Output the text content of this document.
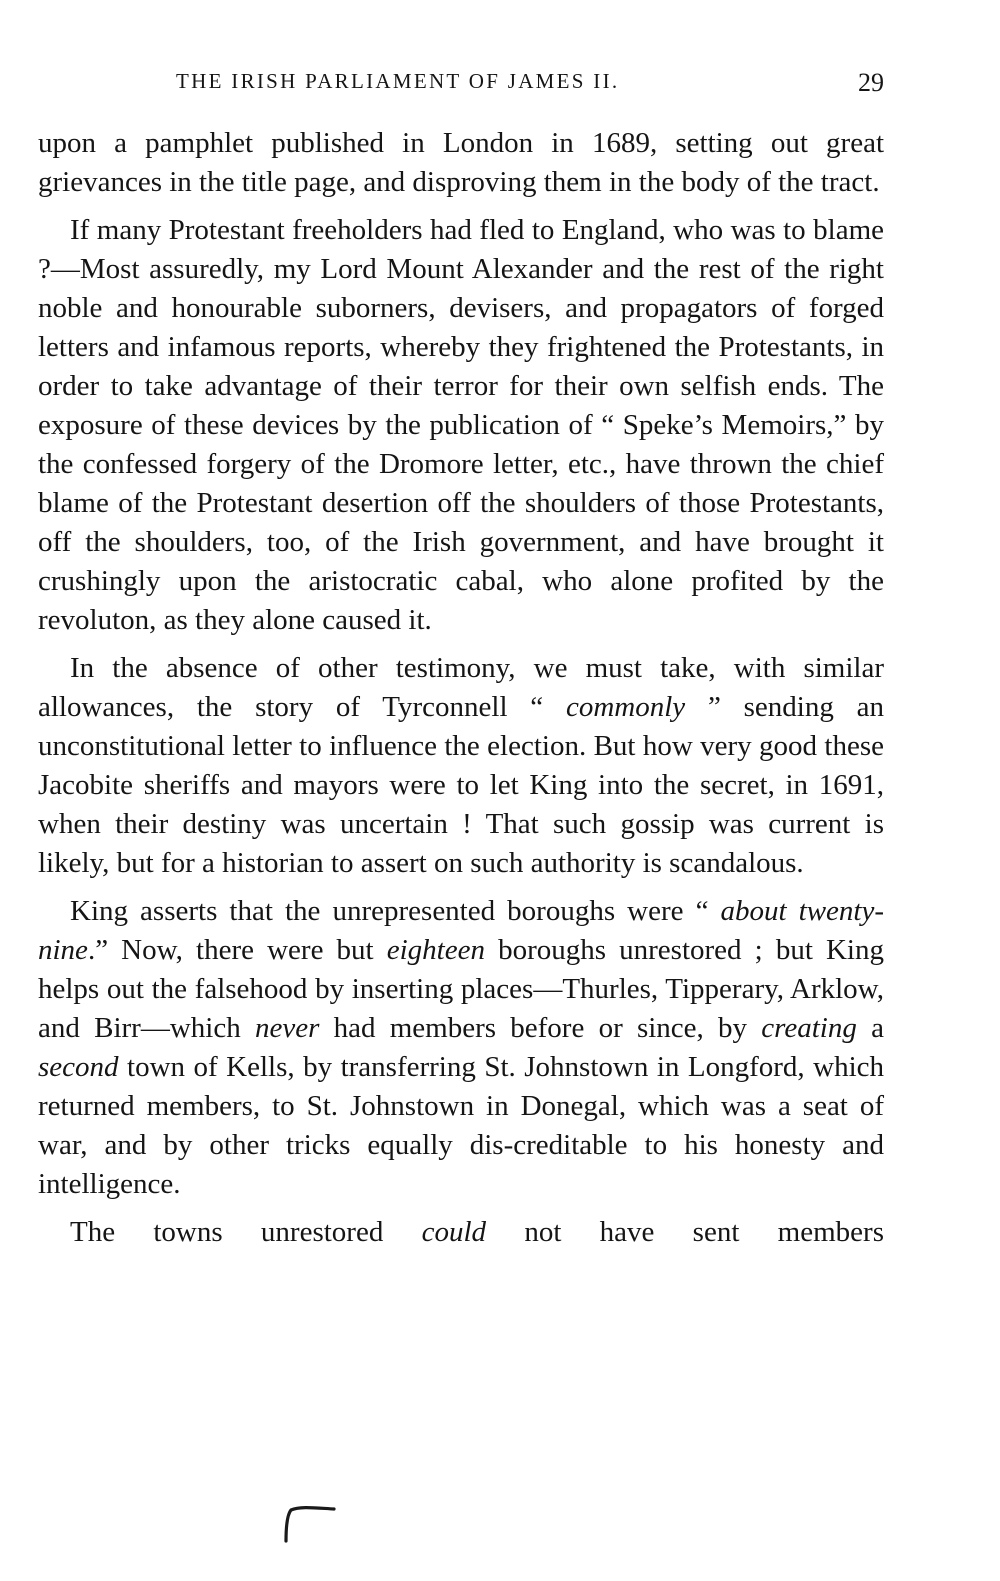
THE IRISH PARLIAMENT OF JAMES II.	29

upon a pamphlet published in London in 1689, setting out great grievances in the title page, and disproving them in the body of the tract.

If many Protestant freeholders had fled to England, who was to blame ?—Most assuredly, my Lord Mount Alexander and the rest of the right noble and honourable suborners, devisers, and propagators of forged letters and infamous reports, whereby they frightened the Protestants, in order to take advantage of their terror for their own selfish ends. The exposure of these devices by the publication of “ Speke’s Memoirs,” by the confessed forgery of the Dromore letter, etc., have thrown the chief blame of the Protestant desertion off the shoulders of those Protestants, off the shoulders, too, of the Irish government, and have brought it crushingly upon the aristocratic cabal, who alone profited by the revoluton, as they alone caused it.

In the absence of other testimony, we must take, with similar allowances, the story of Tyrconnell “ commonly ” sending an unconstitutional letter to influence the election. But how very good these Jacobite sheriffs and mayors were to let King into the secret, in 1691, when their destiny was uncertain ! That such gossip was current is likely, but for a historian to assert on such authority is scandalous.

King asserts that the unrepresented boroughs were “ about twenty-nine.” Now, there were but eighteen boroughs unrestored ; but King helps out the falsehood by inserting places—Thurles, Tipperary, Arklow, and Birr—which never had members before or since, by creating a second town of Kells, by transferring St. Johnstown in Longford, which returned members, to St. Johnstown in Donegal, which was a seat of war, and by other tricks equally dis-creditable to his honesty and intelligence.

The towns unrestored could not have sent members
